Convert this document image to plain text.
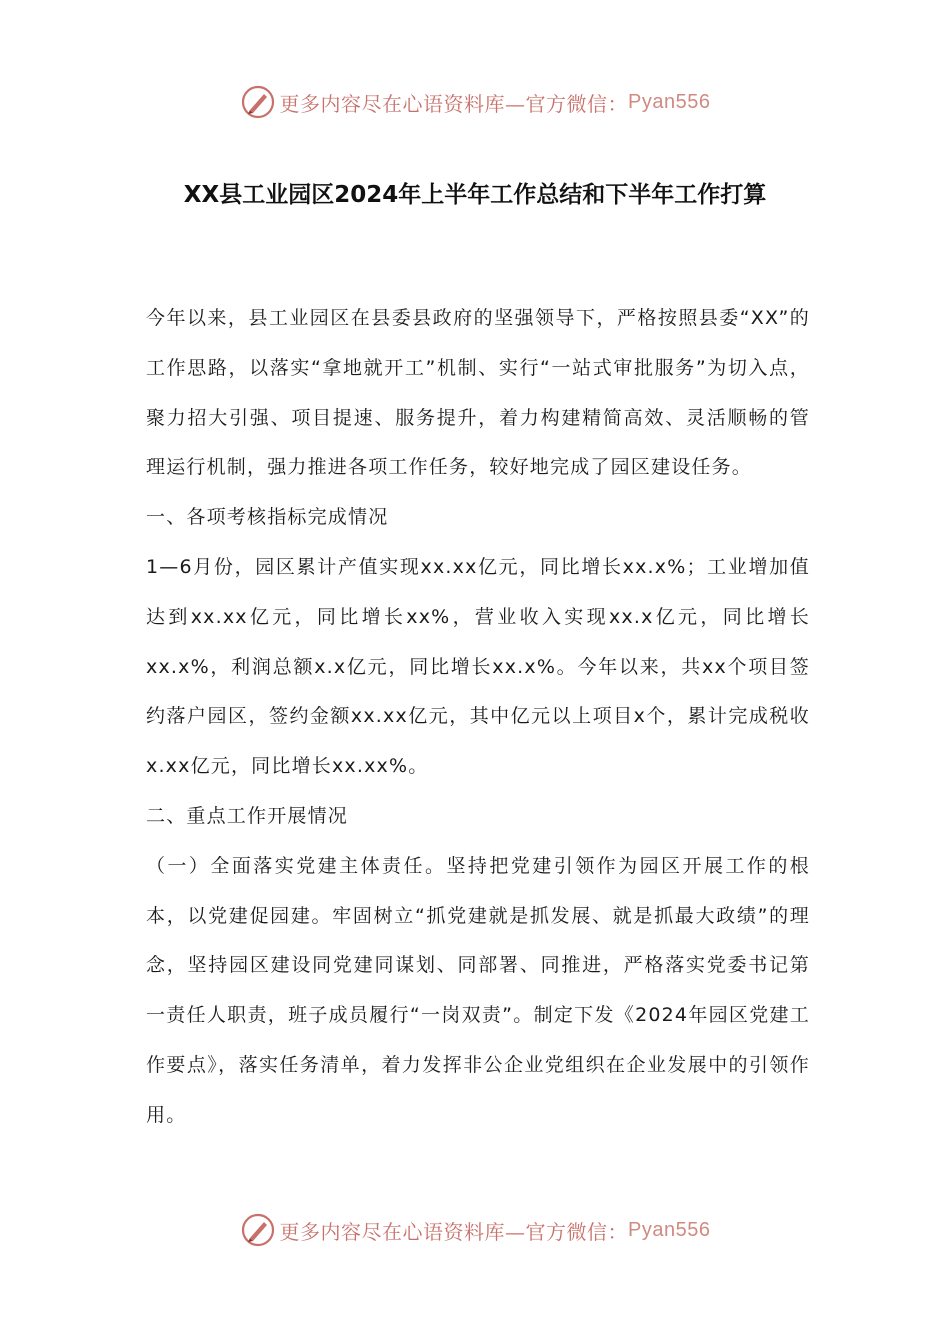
更多内容尽在心语资料库—官方微信： Pyan556
XX县工业园区2024年上半年工作总结和下半年工作打算

今年以来，县工业园区在县委县政府的坚强领导下，严格按照县委“XX”的工作思路，以落实“拿地就开工”机制、实行“一站式审批服务”为切入点，聚力招大引强、项目提速、服务提升，着力构建精简高效、灵活顺畅的管理运行机制，强力推进各项工作任务，较好地完成了园区建设任务。

一、各项考核指标完成情况

1—6月份，园区累计产值实现xx.xx亿元，同比增长xx.x%；工业增加值达到xx.xx亿元，同比增长xx%，营业收入实现xx.x亿元，同比增长xx.x%，利润总额x.x亿元，同比增长xx.x%。今年以来，共xx个项目签约落户园区，签约金额xx.xx亿元，其中亿元以上项目x个，累计完成税收x.xx亿元，同比增长xx.xx%。

二、重点工作开展情况

（一）全面落实党建主体责任。坚持把党建引领作为园区开展工作的根本，以党建促园建。牢固树立“抓党建就是抓发展、就是抓最大政绩”的理念，坚持园区建设同党建同谋划、同部署、同推进，严格落实党委书记第一责任人职责，班子成员履行“一岗双责”。制定下发《2024年园区党建工作要点》，落实任务清单，着力发挥非公企业党组织在企业发展中的引领作用。

更多内容尽在心语资料库—官方微信： Pyan556
